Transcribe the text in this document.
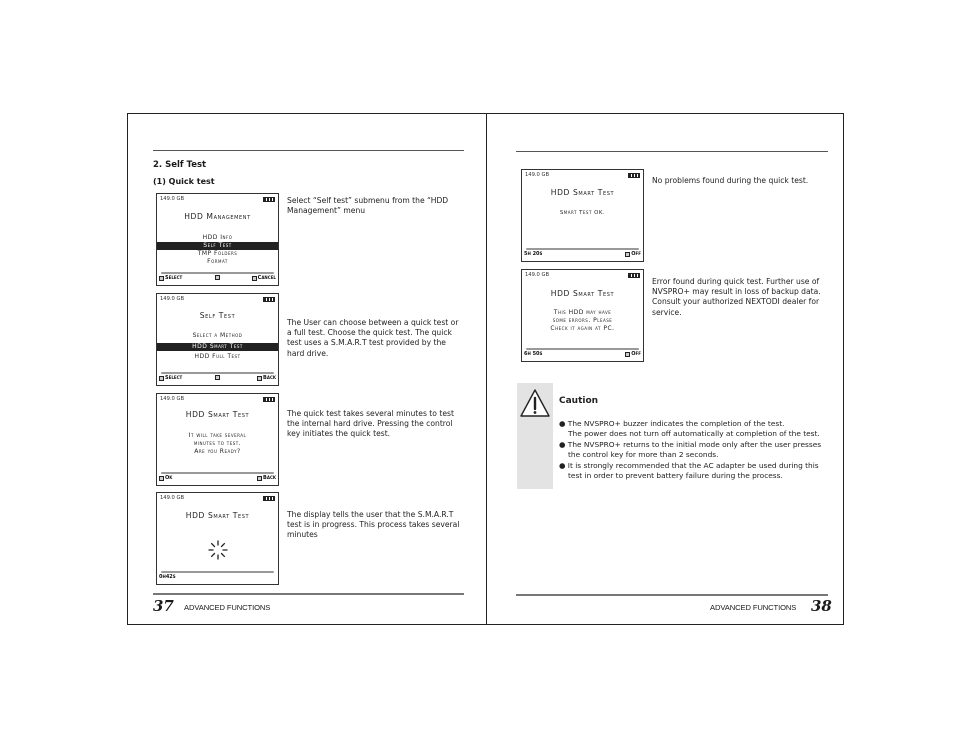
2. Self Test
(1) Quick test
149.0 GB
HDD Management
HDD Info
Self Test
TMP Folders
Format
Select	Cancel
Select “Self test” submenu from the “HDD Management” menu
149.0 GB
Self Test
Select a Method
HDD Smart Test
HDD Full Test
Select	Back
The User can choose between a quick test or a full test. Choose the quick test. The quick test uses a S.M.A.R.T test provided by the hard drive.
149.0 GB
HDD Smart Test
It will take several
minutes to test.
Are you Ready?
Ok	Back
The quick test takes several minutes to test the internal hard drive. Pressing the control key initiates the quick test.
149.0 GB
HDD Smart Test
0h42s
The display tells the user that the S.M.A.R.T test is in progress. This process takes several minutes
37 ADVANCED FUNCTIONS
149.0 GB
HDD Smart Test
Smart Test OK.
5h 20s	Off
No problems found during the quick test.
149.0 GB
HDD Smart Test
This HDD may have
some errors. Please
Check it again at PC.
6h 50s	Off
Error found during quick test. Further use of NVSPRO+ may result in loss of backup data. Consult your authorized NEXTODI dealer for service.
Caution

● The NVSPRO+ buzzer indicates the completion of the test.

The power does not turn off automatically at completion of the test.

● The NVSPRO+ returns to the initial mode only after the user presses

the control key for more than 2 seconds.

● It is strongly recommended that the AC adapter be used during this

test in order to prevent battery failure during the process.

ADVANCED FUNCTIONS 38
